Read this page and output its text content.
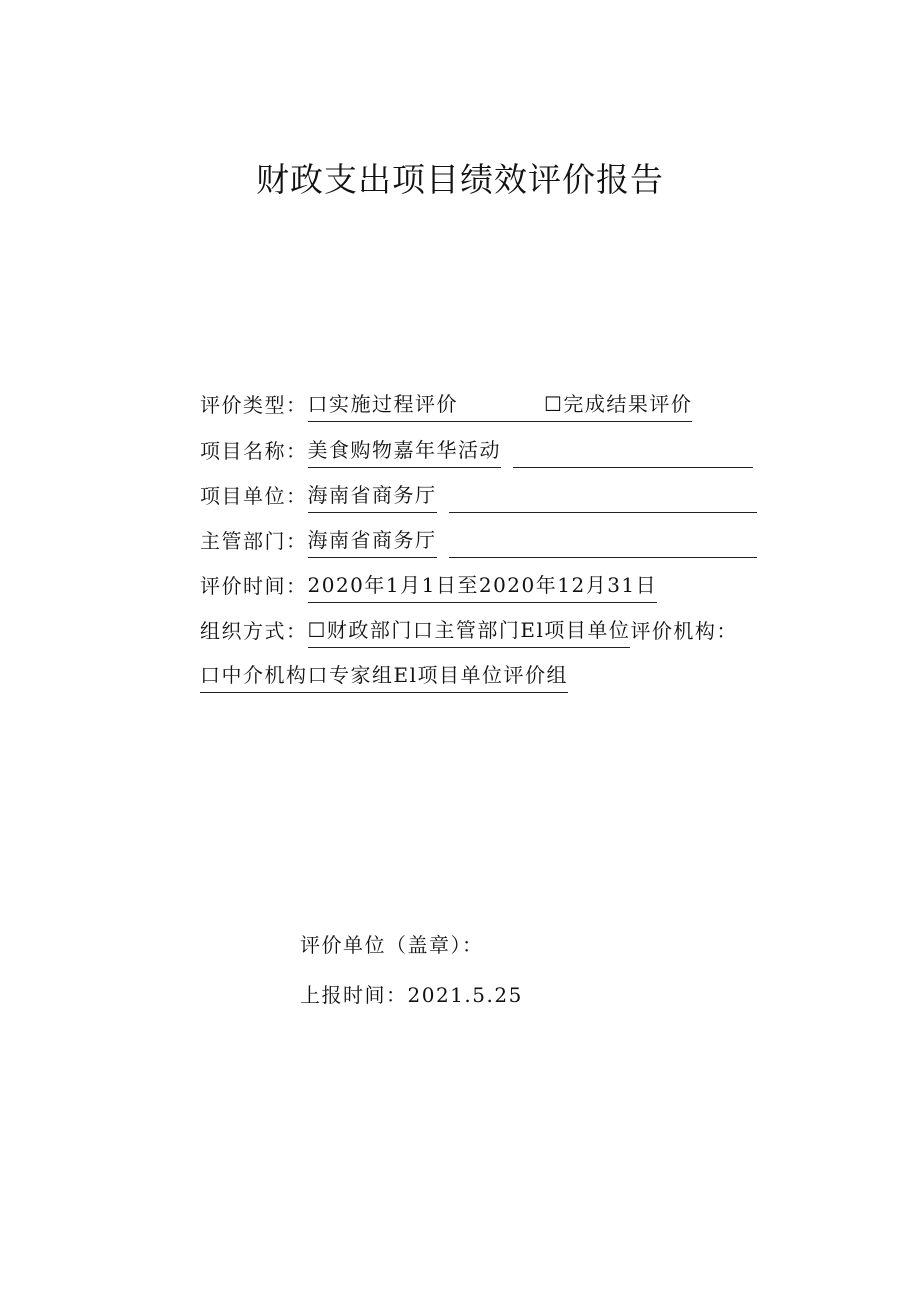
财政支出项目绩效评价报告
评价类型： 口实施过程评价	☐完成结果评价
项目名称： 美食购物嘉年华活动
项目单位： 海南省商务厅
主管部门： 海南省商务厅
评价时间： 2020年1月1日至2020年12月31日
组织方式： ☐财政部门口主管部门El项目单位 评价机构：
口中介机构口专家组El项目单位评价组
评价单位（盖章）：
上报时间：2021.5.25
